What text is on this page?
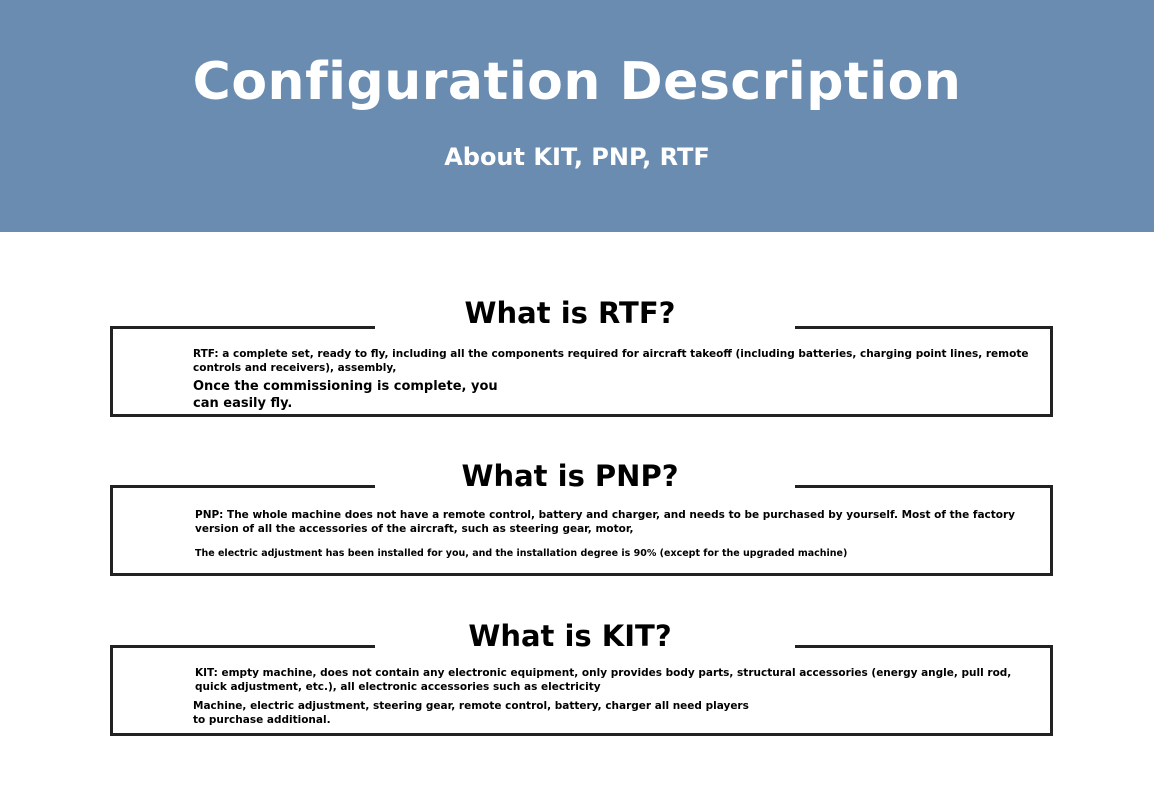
Configuration Description
About KIT, PNP, RTF
What is RTF?
RTF: a complete set, ready to fly, including all the components required for aircraft takeoff (including batteries, charging point lines, remote controls and receivers), assembly,
Once the commissioning is complete, you can easily fly.
What is PNP?
PNP: The whole machine does not have a remote control, battery and charger, and needs to be purchased by yourself. Most of the factory version of all the accessories of the aircraft, such as steering gear, motor,
The electric adjustment has been installed for you, and the installation degree is 90% (except for the upgraded machine)
What is KIT?
KIT: empty machine, does not contain any electronic equipment, only provides body parts, structural accessories (energy angle, pull rod, quick adjustment, etc.), all electronic accessories such as electricity
Machine, electric adjustment, steering gear, remote control, battery, charger all need players to purchase additional.
